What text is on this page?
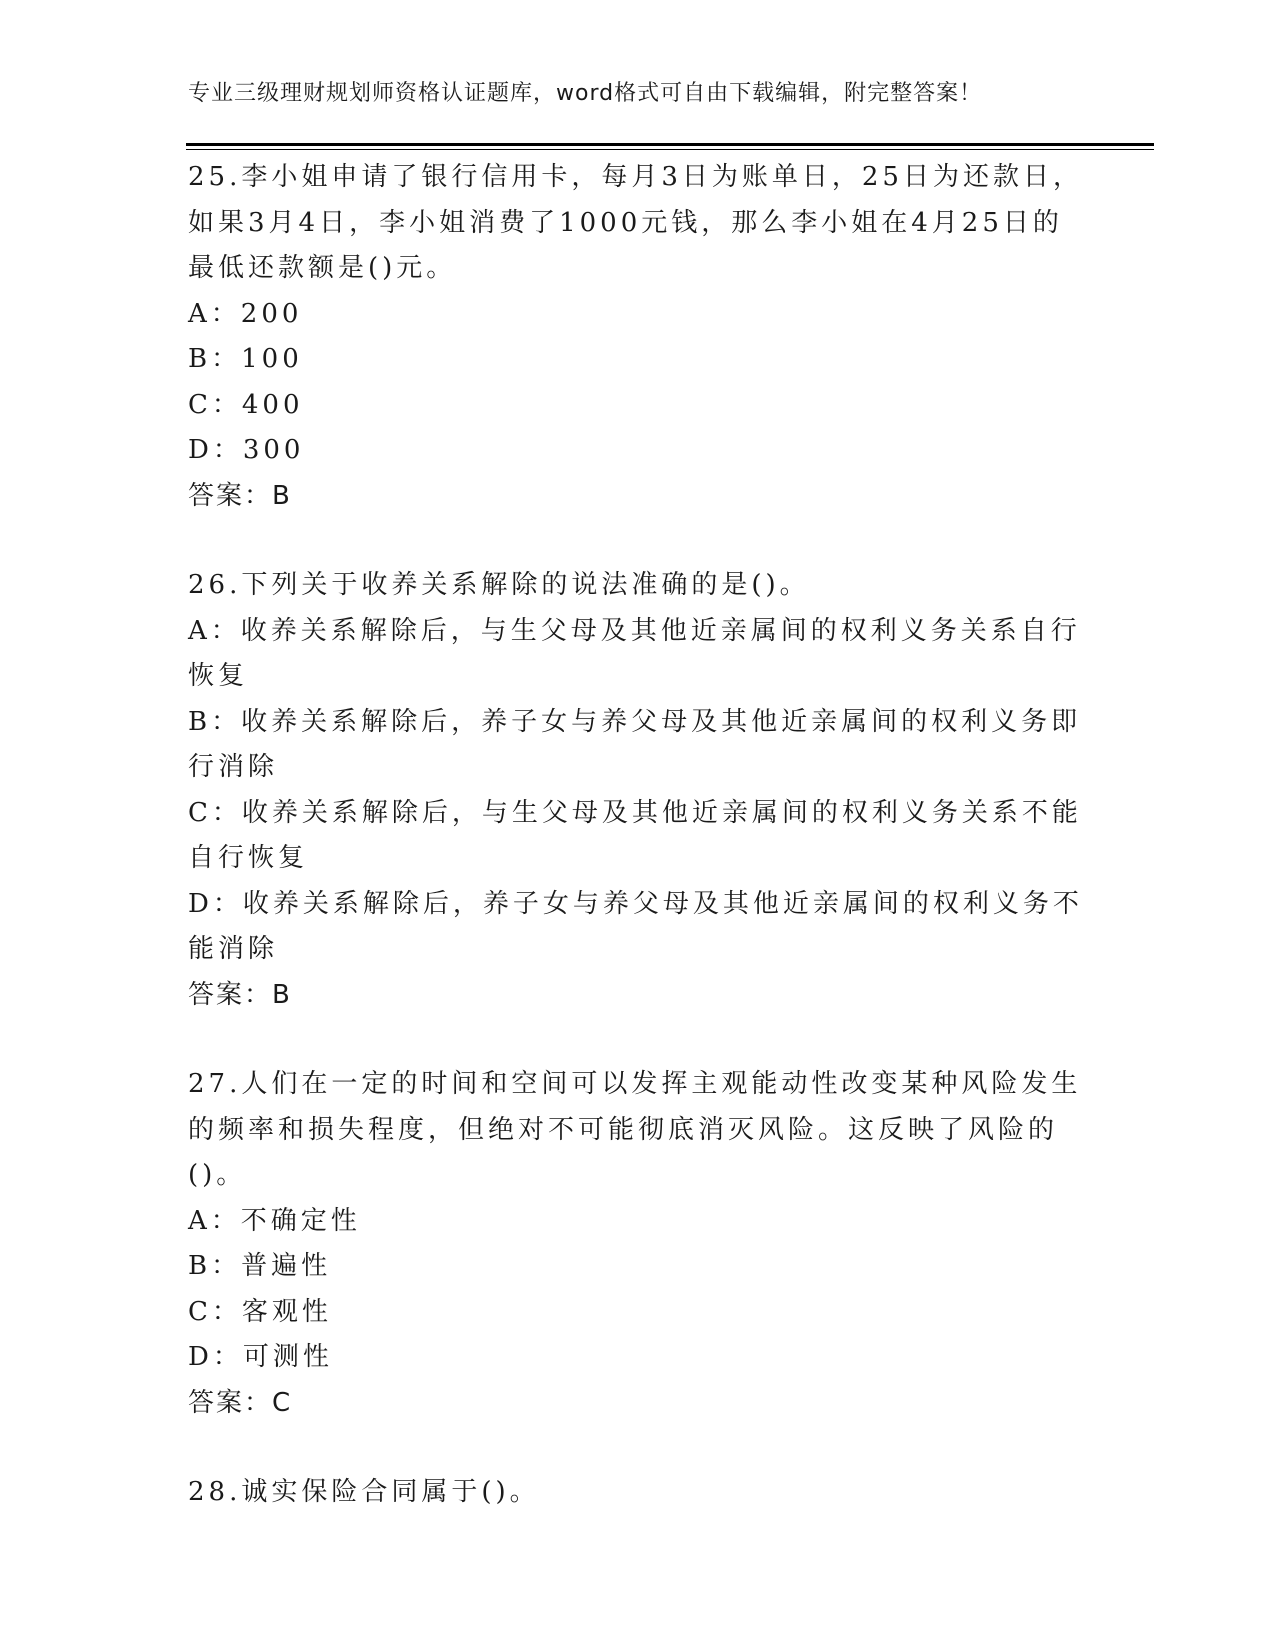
专业三级理财规划师资格认证题库，word格式可自由下载编辑，附完整答案！

25.李小姐申请了银行信用卡，每月3日为账单日，25日为还款日，如果3月4日，李小姐消费了1000元钱，那么李小姐在4月25日的最低还款额是()元。

A：200

B：100

C：400

D：300

答案：B

26.下列关于收养关系解除的说法准确的是()。

A：收养关系解除后，与生父母及其他近亲属间的权利义务关系自行恢复

B：收养关系解除后，养子女与养父母及其他近亲属间的权利义务即行消除

C：收养关系解除后，与生父母及其他近亲属间的权利义务关系不能自行恢复

D：收养关系解除后，养子女与养父母及其他近亲属间的权利义务不能消除

答案：B

27.人们在一定的时间和空间可以发挥主观能动性改变某种风险发生的频率和损失程度，但绝对不可能彻底消灭风险。这反映了风险的()。

A：不确定性

B：普遍性

C：客观性

D：可测性

答案：C

28.诚实保险合同属于()。
